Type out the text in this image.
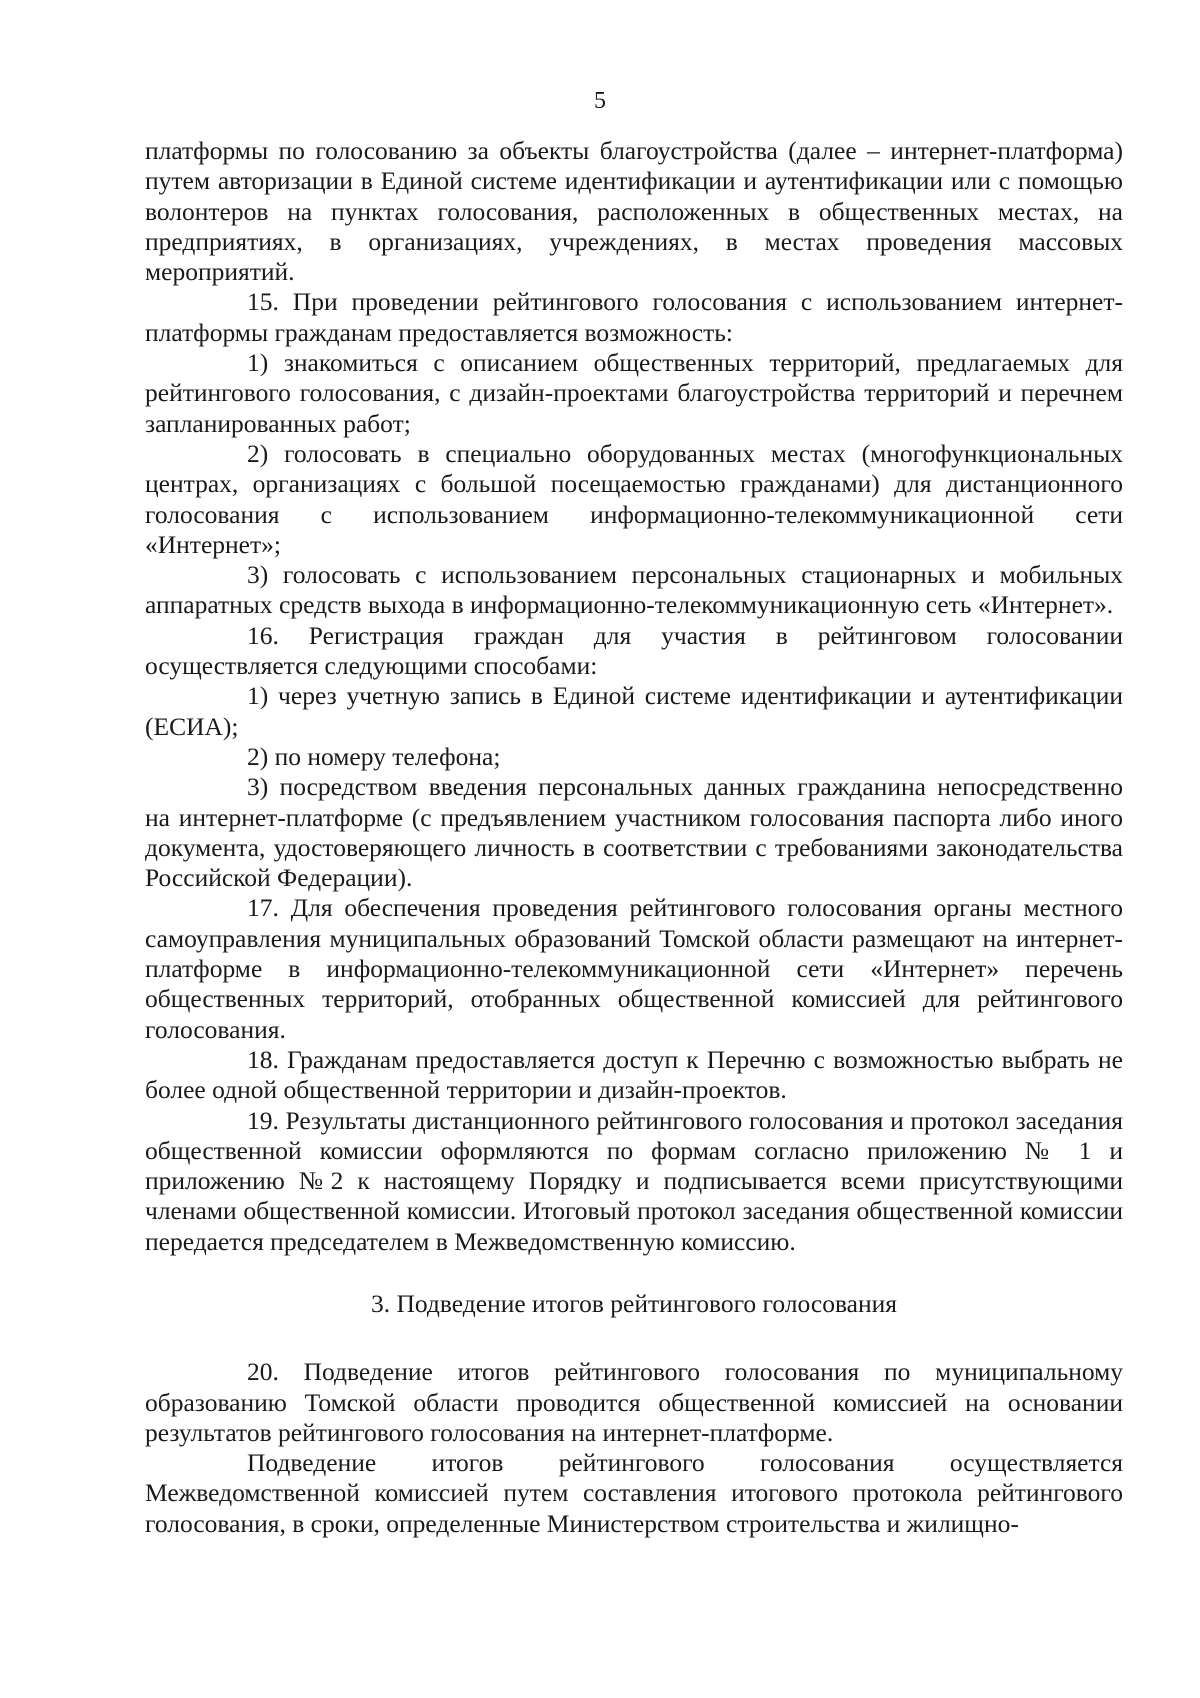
5

платформы по голосованию за объекты благоустройства (далее – интернет-платформа) путем авторизации в Единой системе идентификации и аутентификации или с помощью волонтеров на пунктах голосования, расположенных в общественных местах, на предприятиях, в организациях, учреждениях, в местах проведения массовых мероприятий.

15. При проведении рейтингового голосования с использованием интернет-платформы гражданам предоставляется возможность:

1) знакомиться с описанием общественных территорий, предлагаемых для рейтингового голосования, с дизайн-проектами благоустройства территорий и перечнем запланированных работ;

2) голосовать в специально оборудованных местах (многофункциональных центрах, организациях с большой посещаемостью гражданами) для дистанционного голосования с использованием информационно-телекоммуникационной сети «Интернет»;

3) голосовать с использованием персональных стационарных и мобильных аппаратных средств выхода в информационно-телекоммуникационную сеть «Интернет».

16. Регистрация граждан для участия в рейтинговом голосовании осуществляется следующими способами:

1) через учетную запись в Единой системе идентификации и аутентификации (ЕСИА);

2) по номеру телефона;

3) посредством введения персональных данных гражданина непосредственно на интернет-платформе (с предъявлением участником голосования паспорта либо иного документа, удостоверяющего личность в соответствии с требованиями законодательства Российской Федерации).

17. Для обеспечения проведения рейтингового голосования органы местного самоуправления муниципальных образований Томской области размещают на интернет-платформе в информационно-телекоммуникационной сети «Интернет» перечень общественных территорий, отобранных общественной комиссией для рейтингового голосования.

18. Гражданам предоставляется доступ к Перечню с возможностью выбрать не более одной общественной территории и дизайн-проектов.

19. Результаты дистанционного рейтингового голосования и протокол заседания общественной комиссии оформляются по формам согласно приложению № 1 и приложению №2 к настоящему Порядку и подписывается всеми присутствующими членами общественной комиссии. Итоговый протокол заседания общественной комиссии передается председателем в Межведомственную комиссию.

3. Подведение итогов рейтингового голосования

20. Подведение итогов рейтингового голосования по муниципальному образованию Томской области проводится общественной комиссией на основании результатов рейтингового голосования на интернет-платформе.

Подведение итогов рейтингового голосования осуществляется Межведомственной комиссией путем составления итогового протокола рейтингового голосования, в сроки, определенные Министерством строительства и жилищно-
